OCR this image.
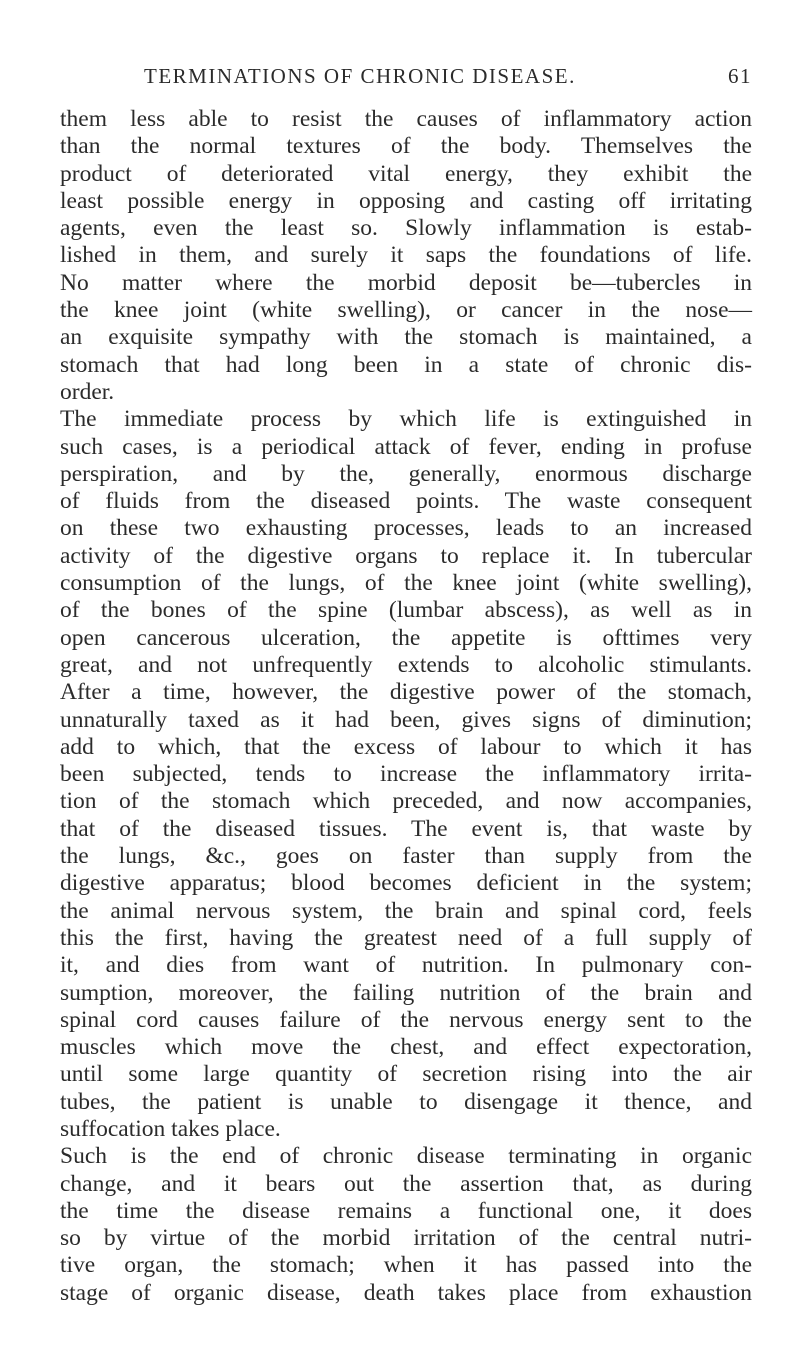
TERMINATIONS OF CHRONIC DISEASE.	61
them less able to resist the causes of inflammatory action
than the normal textures of the body. Themselves the
product of deteriorated vital energy, they exhibit the
least possible energy in opposing and casting off irritating
agents, even the least so. Slowly inflammation is estab-
lished in them, and surely it saps the foundations of life.
No matter where the morbid deposit be—tubercles in
the knee joint (white swelling), or cancer in the nose—
an exquisite sympathy with the stomach is maintained, a
stomach that had long been in a state of chronic dis-
order.
The immediate process by which life is extinguished in
such cases, is a periodical attack of fever, ending in profuse
perspiration, and by the, generally, enormous discharge
of fluids from the diseased points. The waste consequent
on these two exhausting processes, leads to an increased
activity of the digestive organs to replace it. In tubercular
consumption of the lungs, of the knee joint (white swelling),
of the bones of the spine (lumbar abscess), as well as in
open cancerous ulceration, the appetite is ofttimes very
great, and not unfrequently extends to alcoholic stimulants.
After a time, however, the digestive power of the stomach,
unnaturally taxed as it had been, gives signs of diminution;
add to which, that the excess of labour to which it has
been subjected, tends to increase the inflammatory irrita-
tion of the stomach which preceded, and now accompanies,
that of the diseased tissues. The event is, that waste by
the lungs, &c., goes on faster than supply from the
digestive apparatus; blood becomes deficient in the system;
the animal nervous system, the brain and spinal cord, feels
this the first, having the greatest need of a full supply of
it, and dies from want of nutrition. In pulmonary con-
sumption, moreover, the failing nutrition of the brain and
spinal cord causes failure of the nervous energy sent to the
muscles which move the chest, and effect expectoration,
until some large quantity of secretion rising into the air
tubes, the patient is unable to disengage it thence, and
suffocation takes place.
Such is the end of chronic disease terminating in organic
change, and it bears out the assertion that, as during
the time the disease remains a functional one, it does
so by virtue of the morbid irritation of the central nutri-
tive organ, the stomach; when it has passed into the
stage of organic disease, death takes place from exhaustion
